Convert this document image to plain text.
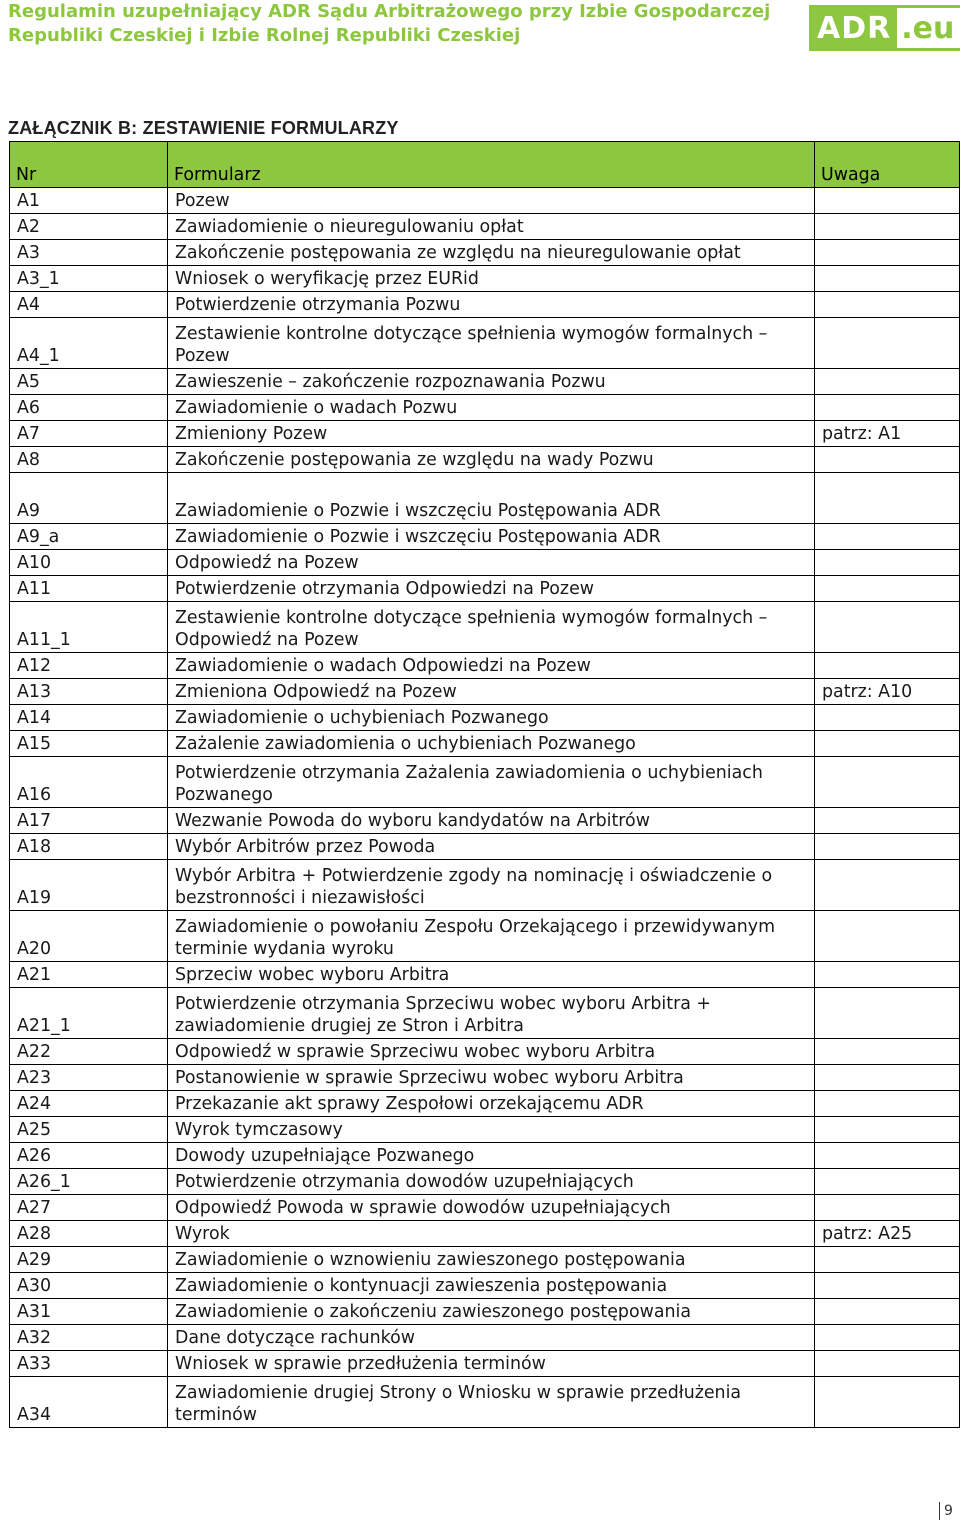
Regulamin uzupełniający ADR Sądu Arbitrażowego przy Izbie Gospodarczej
Republiki Czeskiej i Izbie Rolnej Republiki Czeskiej	ADR .eu
ZAŁĄCZNIK B: ZESTAWIENIE FORMULARZY
Nr	Formularz	Uwaga
A1	Pozew	
A2	Zawiadomienie o nieuregulowaniu opłat	
A3	Zakończenie postępowania ze względu na nieuregulowanie opłat	
A3_1	Wniosek o weryfikację przez EURid	
A4	Potwierdzenie otrzymania Pozwu	
A4_1	Zestawienie kontrolne dotyczące spełnienia wymogów formalnych – Pozew	
A5	Zawieszenie – zakończenie rozpoznawania Pozwu	
A6	Zawiadomienie o wadach Pozwu	
A7	Zmieniony Pozew	patrz: A1
A8	Zakończenie postępowania ze względu na wady Pozwu	
A9	Zawiadomienie o Pozwie i wszczęciu Postępowania ADR	
A9_a	Zawiadomienie o Pozwie i wszczęciu Postępowania ADR	
A10	Odpowiedź na Pozew	
A11	Potwierdzenie otrzymania Odpowiedzi na Pozew	
A11_1	Zestawienie kontrolne dotyczące spełnienia wymogów formalnych – Odpowiedź na Pozew	
A12	Zawiadomienie o wadach Odpowiedzi na Pozew	
A13	Zmieniona Odpowiedź na Pozew	patrz: A10
A14	Zawiadomienie o uchybieniach Pozwanego	
A15	Zażalenie zawiadomienia o uchybieniach Pozwanego	
A16	Potwierdzenie otrzymania Zażalenia zawiadomienia o uchybieniach Pozwanego	
A17	Wezwanie Powoda do wyboru kandydatów na Arbitrów	
A18	Wybór Arbitrów przez Powoda	
A19	Wybór Arbitra + Potwierdzenie zgody na nominację i oświadczenie o bezstronności i niezawisłości	
A20	Zawiadomienie o powołaniu Zespołu Orzekającego i przewidywanym terminie wydania wyroku	
A21	Sprzeciw wobec wyboru Arbitra	
A21_1	Potwierdzenie otrzymania Sprzeciwu wobec wyboru Arbitra + zawiadomienie drugiej ze Stron i Arbitra	
A22	Odpowiedź w sprawie Sprzeciwu wobec wyboru Arbitra	
A23	Postanowienie w sprawie Sprzeciwu wobec wyboru Arbitra	
A24	Przekazanie akt sprawy Zespołowi orzekającemu ADR	
A25	Wyrok tymczasowy	
A26	Dowody uzupełniające Pozwanego	
A26_1	Potwierdzenie otrzymania dowodów uzupełniających	
A27	Odpowiedź Powoda w sprawie dowodów uzupełniających	
A28	Wyrok	patrz: A25
A29	Zawiadomienie o wznowieniu zawieszonego postępowania	
A30	Zawiadomienie o kontynuacji zawieszenia postępowania	
A31	Zawiadomienie o zakończeniu zawieszonego postępowania	
A32	Dane dotyczące rachunków	
A33	Wniosek w sprawie przedłużenia terminów	
A34	Zawiadomienie drugiej Strony o Wniosku w sprawie przedłużenia terminów	
9
